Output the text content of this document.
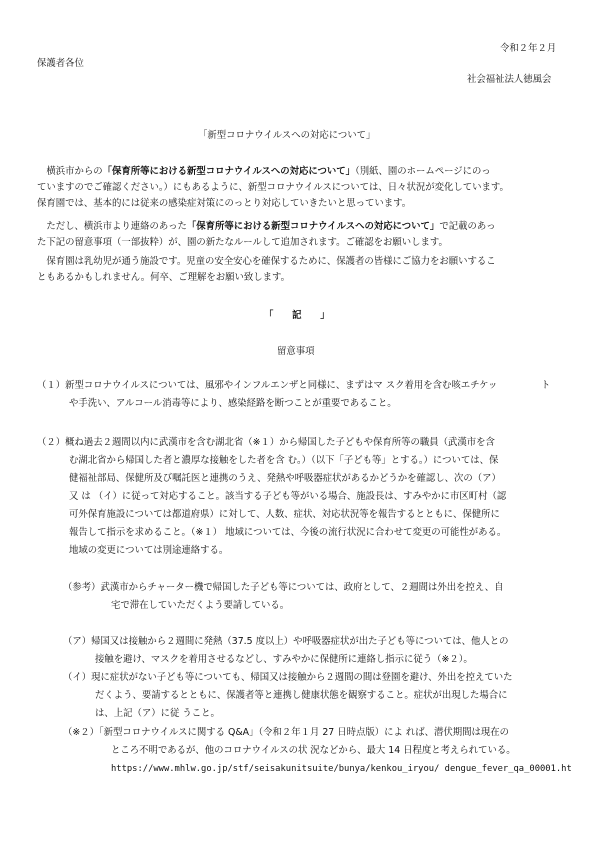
令和２年２月
保護者各位
社会福祉法人徳風会
「新型コロナウイルスへの対応について」
　横浜市からの「保育所等における新型コロナウイルスへの対応について」（別紙、園のホームページにのっ
ていますのでご確認ください。）にもあるように、新型コロナウイルスについては、日々状況が変化しています。
保育園では、基本的には従来の感染症対策にのっとり対応していきたいと思っています。
　ただし、横浜市より連絡のあった「保育所等における新型コロナウイルスへの対応について」で記載のあっ
た下記の留意事項（一部抜粋）が、園の新たなルールして追加されます。ご確認をお願いします。
　保育園は乳幼児が通う施設です。児童の安全安心を確保するために、保護者の皆様にご協力をお願いするこ
ともあるかもしれません。何卒、ご理解をお願い致します。
「　　記　　」
留意事項
（１）新型コロナウイルスについては、風邪やインフルエンザと同様に、まずはマ スク着用を含む咳エチケッ	ト
や手洗い、アルコール消毒等により、感染経路を断つことが重要であること。
（２）概ね過去２週間以内に武漢市を含む湖北省（※１）から帰国した子どもや保育所等の職員（武漢市を含
む湖北省から帰国した者と濃厚な接触をした者を含 む。）（以下「子ども等」とする。）については、保
健福祉部局、保健所及び嘱託医と連携のうえ、発熱や呼吸器症状があるかどうかを確認し、次の（ア）
又 は （イ）に従って対応すること。該当する子ども等がいる場合、施設長は、すみやかに市区町村（認
可外保育施設については都道府県）に対して、人数、症状、対応状況等を報告するとともに、保健所に
報告して指示を求めること。（※１） 地域については、今後の流行状況に合わせて変更の可能性がある。
地域の変更については別途連絡する。
（参考）武漢市からチャーター機で帰国した子ども等については、政府として、２週間は外出を控え、自
宅で滞在していただくよう要請している。
（ア）帰国又は接触から２週間に発熱（37.5 度以上）や呼吸器症状が出た子ども等については、他人との
接触を避け、マスクを着用させるなどし、すみやかに保健所に連絡し指示に従う（※２）。
（イ）現に症状がない子ども等についても、帰国又は接触から２週間の間は登園を避け、外出を控えていた
だくよう、要請するとともに、保護者等と連携し健康状態を観察すること。症状が出現した場合に
は、上記（ア）に従 うこと。
（※２）「新型コロナウイルスに関する Q&A」（令和２年１月 27 日時点版）によ れば、潜伏期間は現在の
ところ不明であるが、他のコロナウイルスの状 況などから、最大 14 日程度と考えられている。
https://www.mhlw.go.jp/stf/seisakunitsuite/bunya/kenkou_iryou/ dengue_fever_qa_00001.ht
